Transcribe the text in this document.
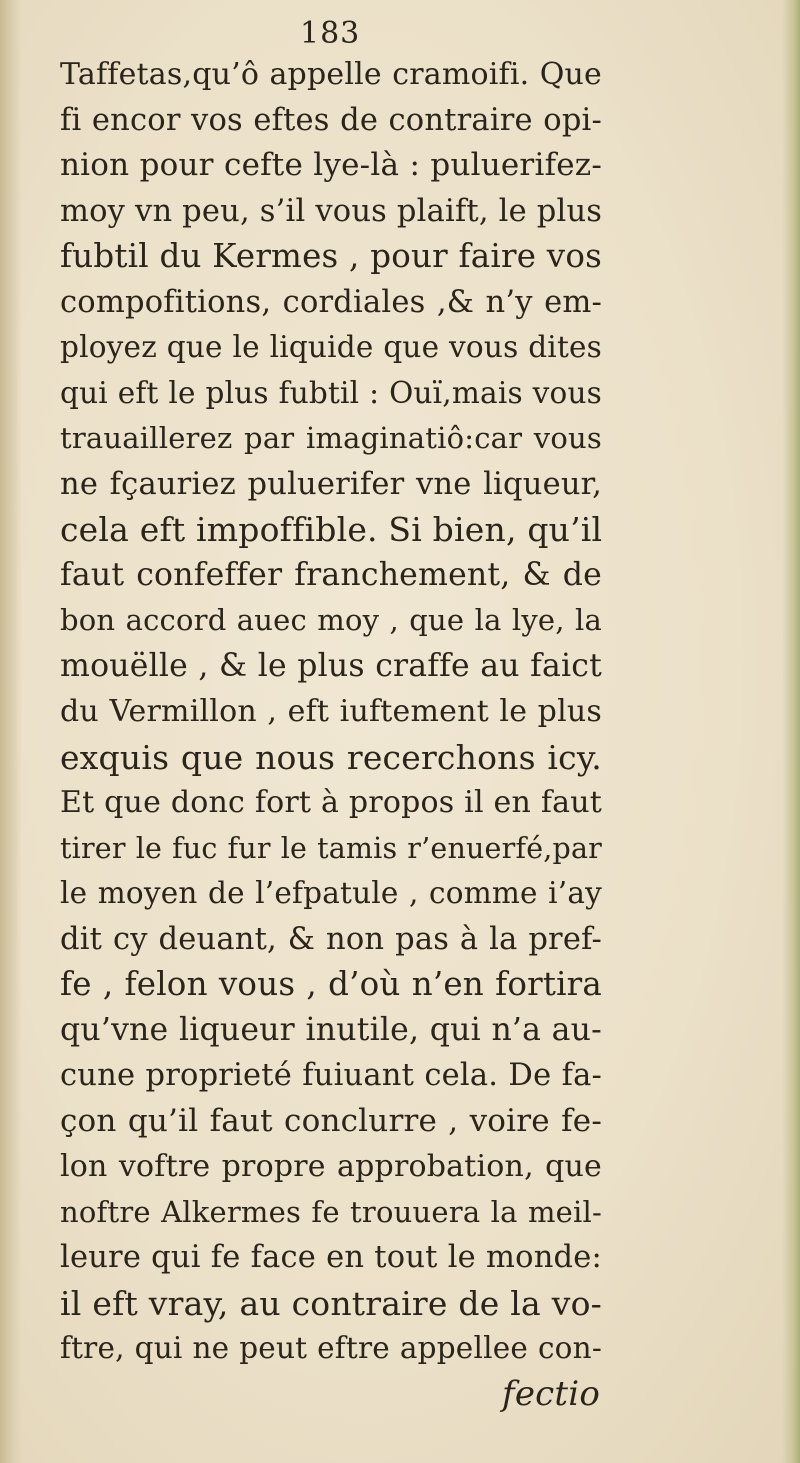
183
Taffetas,qu’ô appelle cramoifi. Que
fi encor vos eftes de contraire opi-
nion pour cefte lye-là : puluerifez-
moy vn peu, s’il vous plaift, le plus
fubtil du Kermes , pour faire vos
compofitions, cordiales ,& n’y em-
ployez que le liquide que vous dites
qui eft le plus fubtil : Ouï,mais vous
trauaillerez par imaginatiô:car vous
ne fçauriez puluerifer vne liqueur,
cela eft impoffible. Si bien, qu’il
faut confeffer franchement, & de
bon accord auec moy , que la lye, la
mouëlle , & le plus craffe au faict
du Vermillon , eft iuftement le plus
exquis que nous recerchons icy.
Et que donc fort à propos il en faut
tirer le fuc fur le tamis r’enuerfé,par
le moyen de l’efpatule , comme i’ay
dit cy deuant, & non pas à la pref-
fe , felon vous , d’où n’en fortira
qu’vne liqueur inutile, qui n’a au-
cune proprieté fuiuant cela. De fa-
çon qu’il faut conclurre , voire fe-
lon voftre propre approbation, que
noftre Alkermes fe trouuera la meil-
leure qui fe face en tout le monde:
il eft vray, au contraire de la vo-
ftre, qui ne peut eftre appellee con-
fectio
